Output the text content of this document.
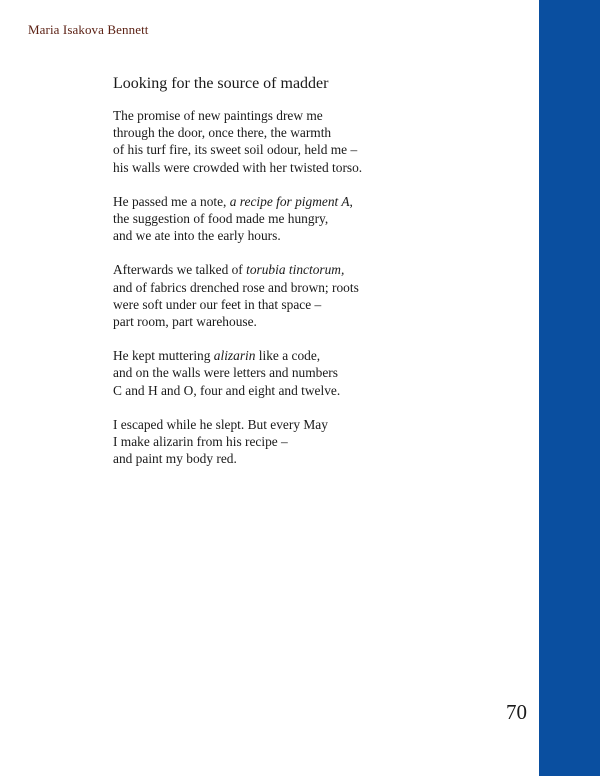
Maria Isakova Bennett
Looking for the source of madder
The promise of new paintings drew me
through the door, once there, the warmth
of his turf fire, its sweet soil odour, held me –
his walls were crowded with her twisted torso.
He passed me a note, a recipe for pigment A,
the suggestion of food made me hungry,
and we ate into the early hours.
Afterwards we talked of torubia tinctorum,
and of fabrics drenched rose and brown; roots
were soft under our feet in that space –
part room, part warehouse.
He kept muttering alizarin like a code,
and on the walls were letters and numbers
C and H and O, four and eight and twelve.
I escaped while he slept. But every May
I make alizarin from his recipe –
and paint my body red.
70
